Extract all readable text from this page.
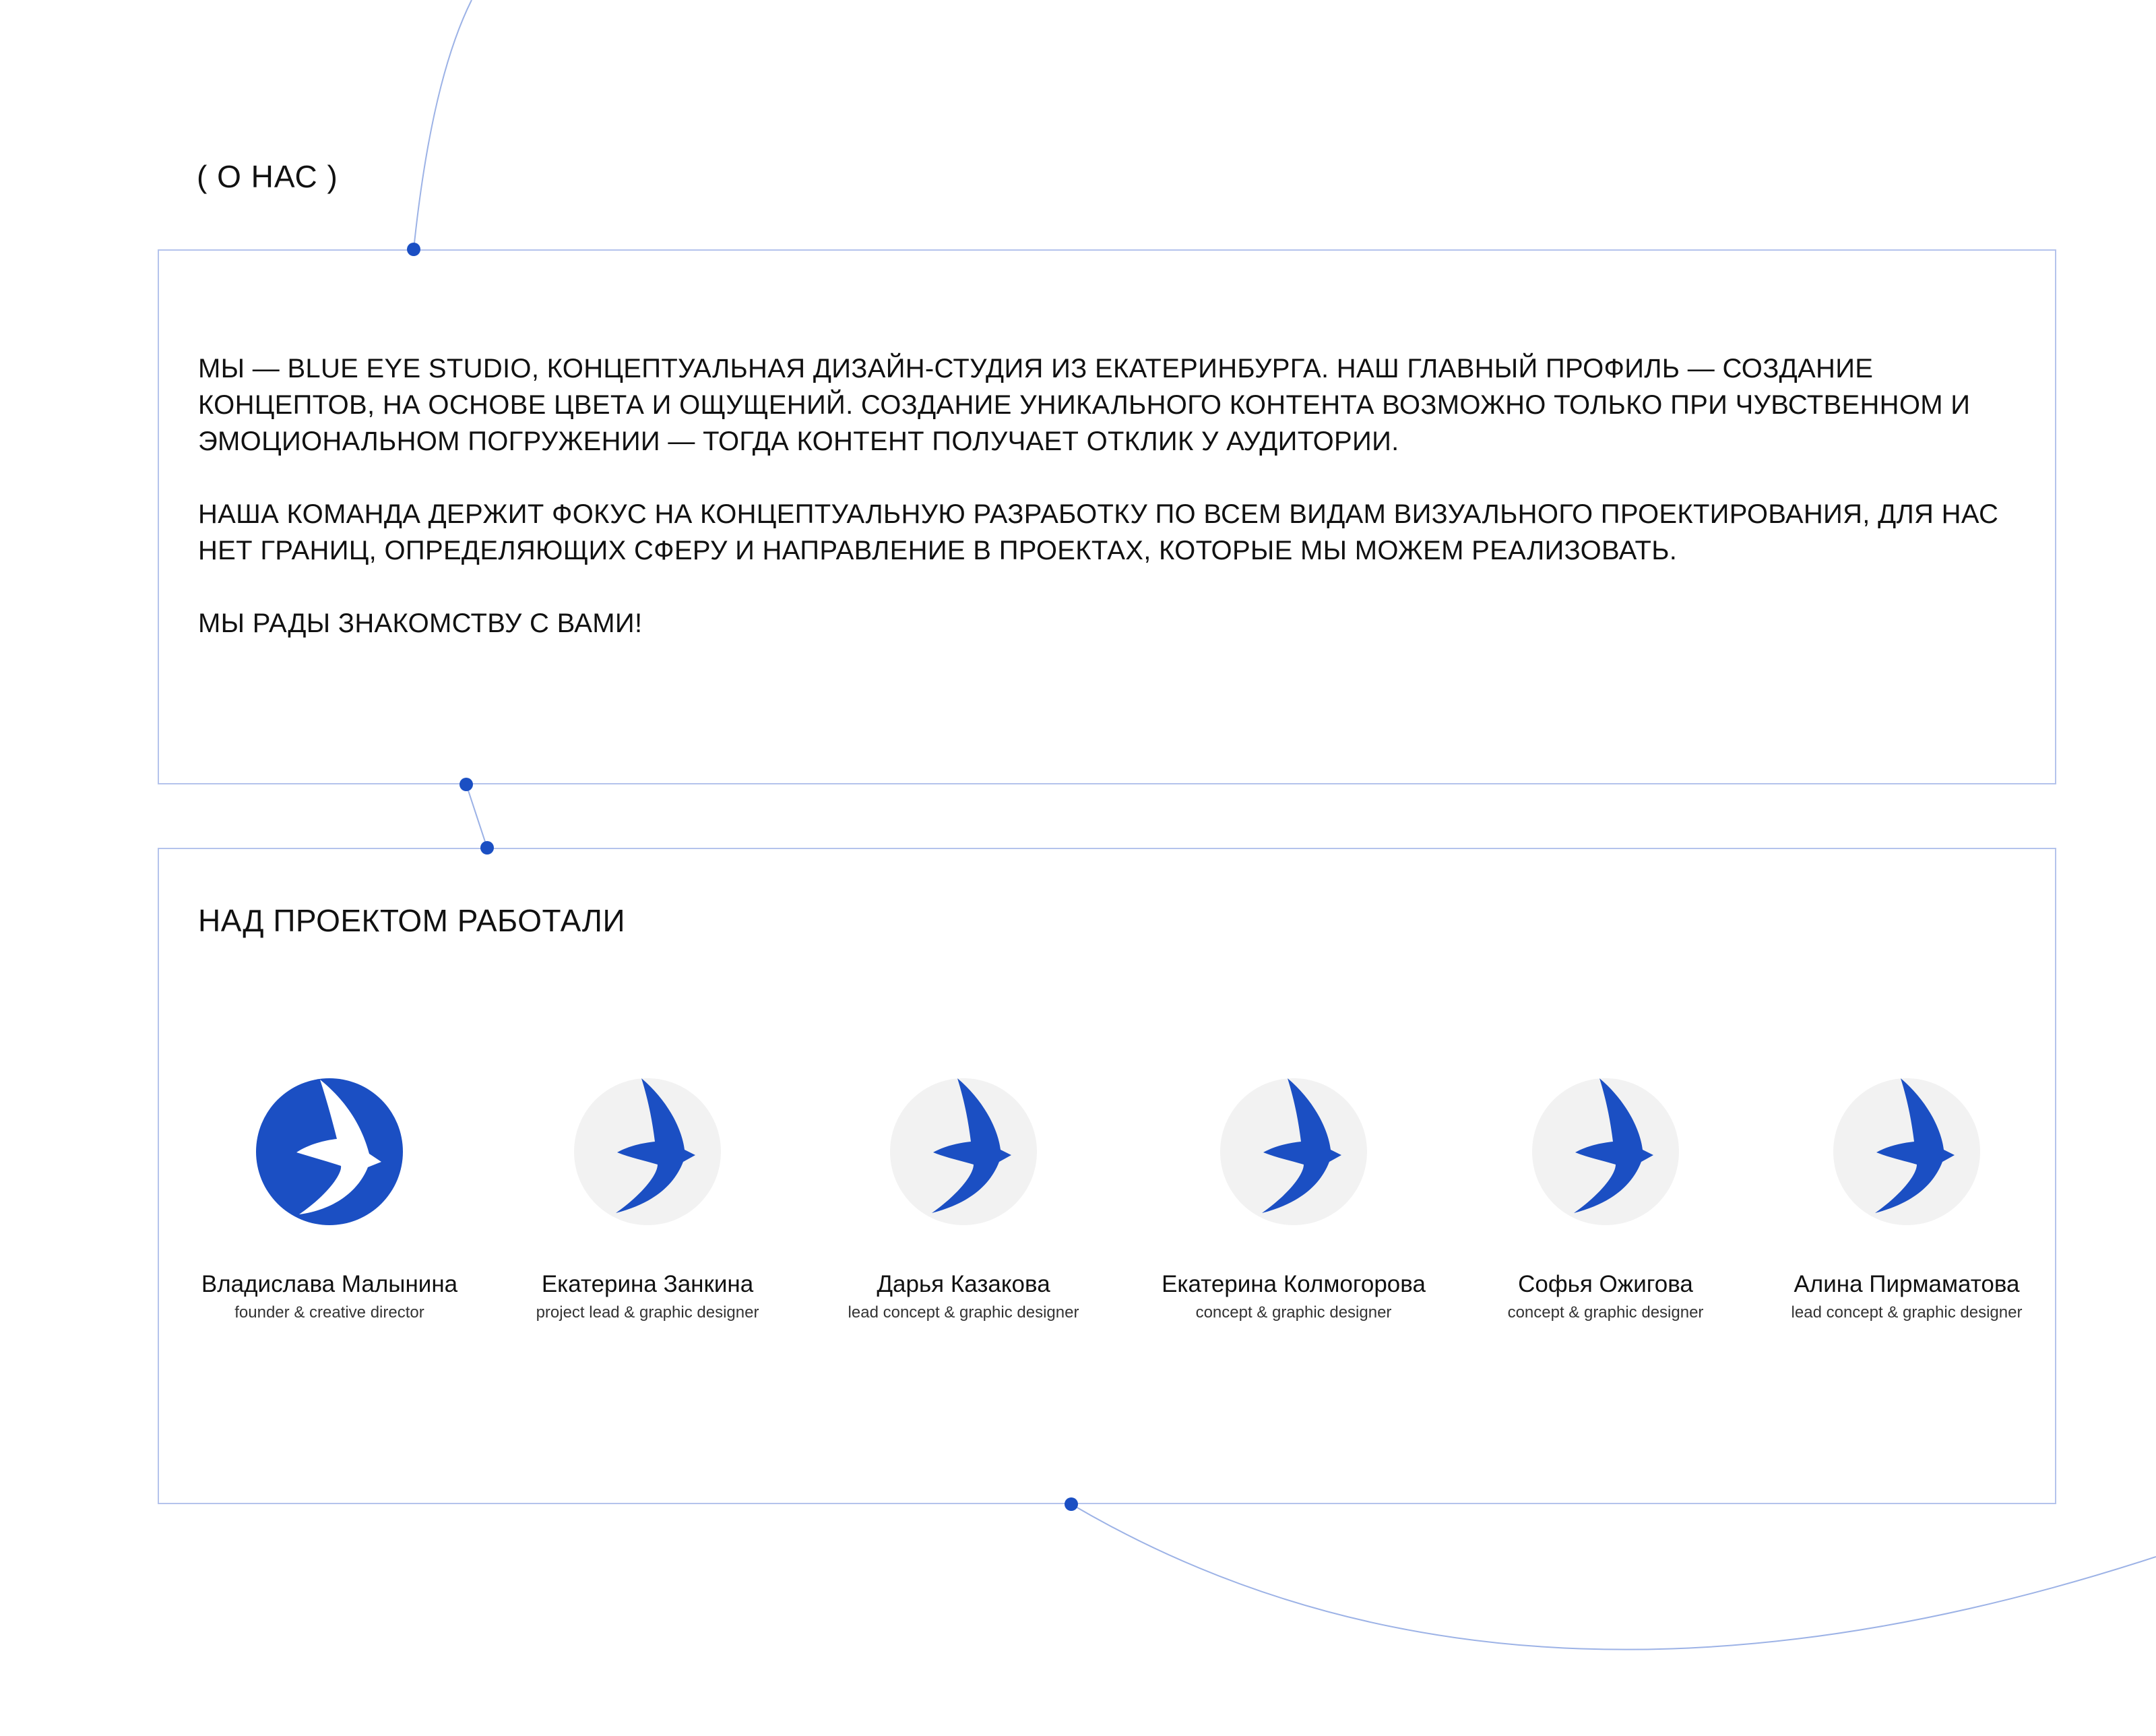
( О НАС )

МЫ — BLUE EYE STUDIO, КОНЦЕПТУАЛЬНАЯ ДИЗАЙН-СТУДИЯ ИЗ ЕКАТЕРИНБУРГА. НАШ ГЛАВНЫЙ ПРОФИЛЬ — СОЗДАНИЕ КОНЦЕПТОВ, НА ОСНОВЕ ЦВЕТА И ОЩУЩЕНИЙ. СОЗДАНИЕ УНИКАЛЬНОГО КОНТЕНТА ВОЗМОЖНО ТОЛЬКО ПРИ ЧУВСТВЕННОМ И ЭМОЦИОНАЛЬНОМ ПОГРУЖЕНИИ — ТОГДА КОНТЕНТ ПОЛУЧАЕТ ОТКЛИК У АУДИТОРИИ.

НАША КОМАНДА ДЕРЖИТ ФОКУС НА КОНЦЕПТУАЛЬНУЮ РАЗРАБОТКУ ПО ВСЕМ ВИДАМ ВИЗУАЛЬНОГО ПРОЕКТИРОВАНИЯ, ДЛЯ НАС НЕТ ГРАНИЦ, ОПРЕДЕЛЯЮЩИХ СФЕРУ И НАПРАВЛЕНИЕ В ПРОЕКТАХ, КОТОРЫЕ МЫ МОЖЕМ РЕАЛИЗОВАТЬ.

МЫ РАДЫ ЗНАКОМСТВУ С ВАМИ!

НАД ПРОЕКТОМ РАБОТАЛИ
Владислава Малынина
founder & creative director
Екатерина Занкина
project lead & graphic designer
Дарья Казакова
lead concept & graphic designer
Екатерина Колмогорова
concept & graphic designer
Софья Ожигова
concept & graphic designer
Алина Пирмаматова
lead concept & graphic designer
